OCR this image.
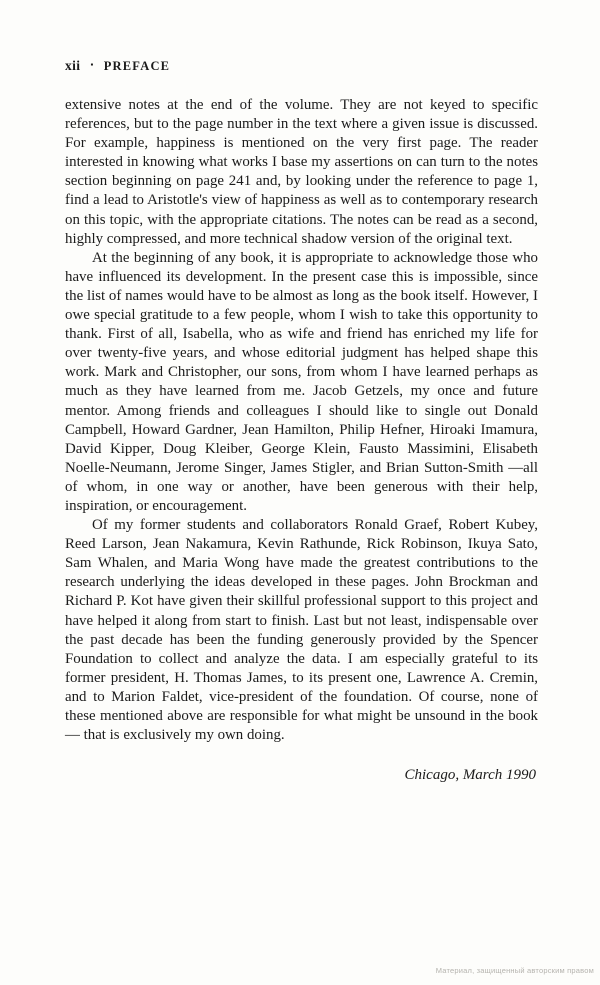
xii ▪ PREFACE

extensive notes at the end of the volume. They are not keyed to specific references, but to the page number in the text where a given issue is discussed. For example, happiness is mentioned on the very first page. The reader interested in knowing what works I base my assertions on can turn to the notes section beginning on page 241 and, by looking under the reference to page 1, find a lead to Aristotle's view of happiness as well as to contemporary research on this topic, with the appropriate citations. The notes can be read as a second, highly compressed, and more technical shadow version of the original text.

At the beginning of any book, it is appropriate to acknowledge those who have influenced its development. In the present case this is impossible, since the list of names would have to be almost as long as the book itself. However, I owe special gratitude to a few people, whom I wish to take this opportunity to thank. First of all, Isabella, who as wife and friend has enriched my life for over twenty-five years, and whose editorial judgment has helped shape this work. Mark and Christopher, our sons, from whom I have learned perhaps as much as they have learned from me. Jacob Getzels, my once and future mentor. Among friends and colleagues I should like to single out Donald Campbell, Howard Gardner, Jean Hamilton, Philip Hefner, Hiroaki Imamura, David Kipper, Doug Kleiber, George Klein, Fausto Massimini, Elisabeth Noelle-Neumann, Jerome Singer, James Stigler, and Brian Sutton-Smith —all of whom, in one way or another, have been generous with their help, inspiration, or encouragement.

Of my former students and collaborators Ronald Graef, Robert Kubey, Reed Larson, Jean Nakamura, Kevin Rathunde, Rick Robinson, Ikuya Sato, Sam Whalen, and Maria Wong have made the greatest contributions to the research underlying the ideas developed in these pages. John Brockman and Richard P. Kot have given their skillful professional support to this project and have helped it along from start to finish. Last but not least, indispensable over the past decade has been the funding generously provided by the Spencer Foundation to collect and analyze the data. I am especially grateful to its former president, H. Thomas James, to its present one, Lawrence A. Cremin, and to Marion Faldet, vice-president of the foundation. Of course, none of these mentioned above are responsible for what might be unsound in the book— that is exclusively my own doing.

Chicago, March 1990

Материал, защищенный авторским правом
